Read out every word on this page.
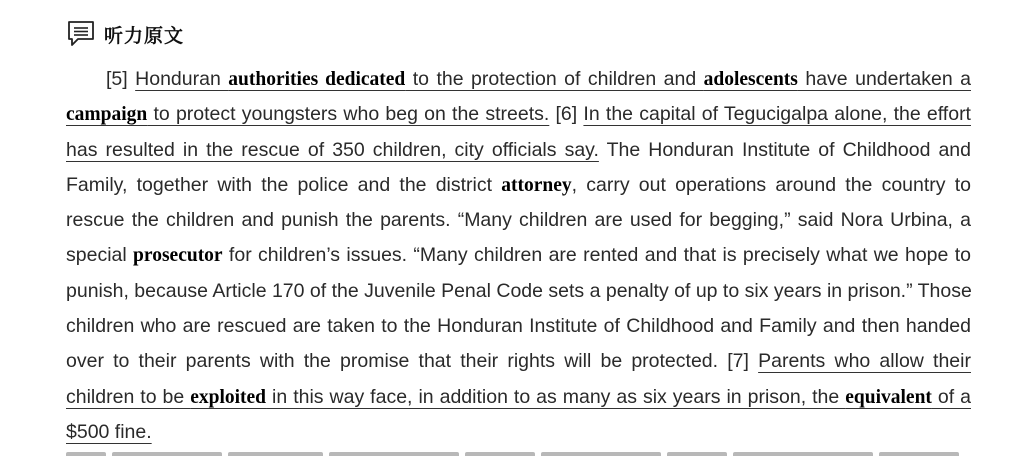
听力原文
[5] Honduran authorities dedicated to the protection of children and adolescents have undertaken a
campaign to protect youngsters who beg on the streets. [6] In the capital of Tegucigalpa alone, the effort
has resulted in the rescue of 350 children, city officials say. The Honduran Institute of Childhood and
Family, together with the police and the district attorney, carry out operations around the country to
rescue the children and punish the parents. “Many children are used for begging,” said Nora Urbina, a
special prosecutor for children’s issues. “Many children are rented and that is precisely what we hope to
punish, because Article 170 of the Juvenile Penal Code sets a penalty of up to six years in prison.” Those
children who are rescued are taken to the Honduran Institute of Childhood and Family and then handed
over to their parents with the promise that their rights will be protected. [7] Parents who allow their
children to be exploited in this way face, in addition to as many as six years in prison, the equivalent of a
$500 fine.
